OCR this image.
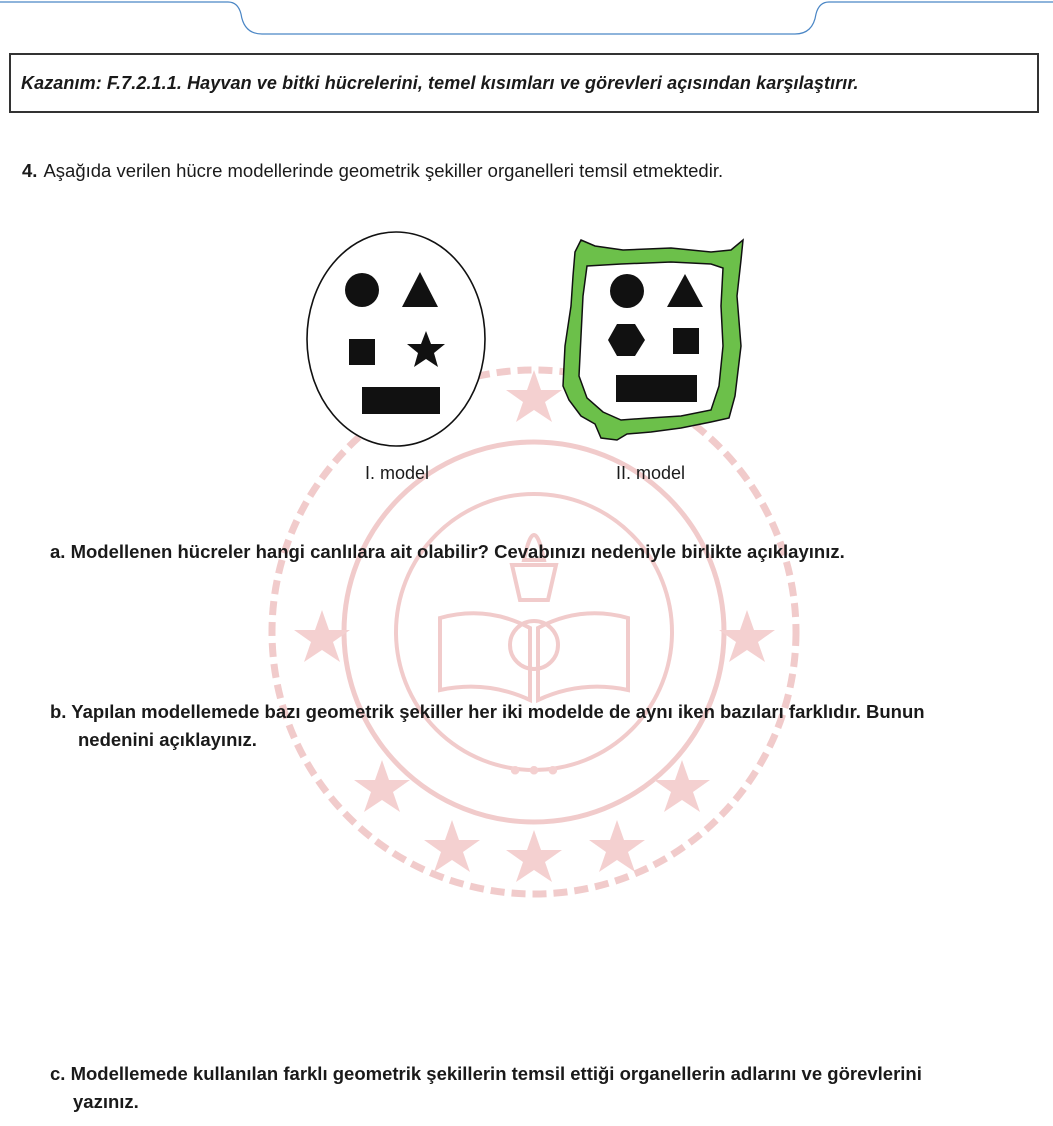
• • •
Kazanım: F.7.2.1.1. Hayvan ve bitki hücrelerini, temel kısımları ve görevleri açısından karşılaştırır.
4. Aşağıda verilen hücre modellerinde geometrik şekiller organelleri temsil etmektedir.
I. model	II. model
a. Modellenen hücreler hangi canlılara ait olabilir? Cevabınızı nedeniyle birlikte açıklayınız.
b. Yapılan modellemede bazı geometrik şekiller her iki modelde de aynı iken bazıları farklıdır. Bunun
nedenini açıklayınız.
c. Modellemede kullanılan farklı geometrik şekillerin temsil ettiği organellerin adlarını ve görevlerini
yazınız.
